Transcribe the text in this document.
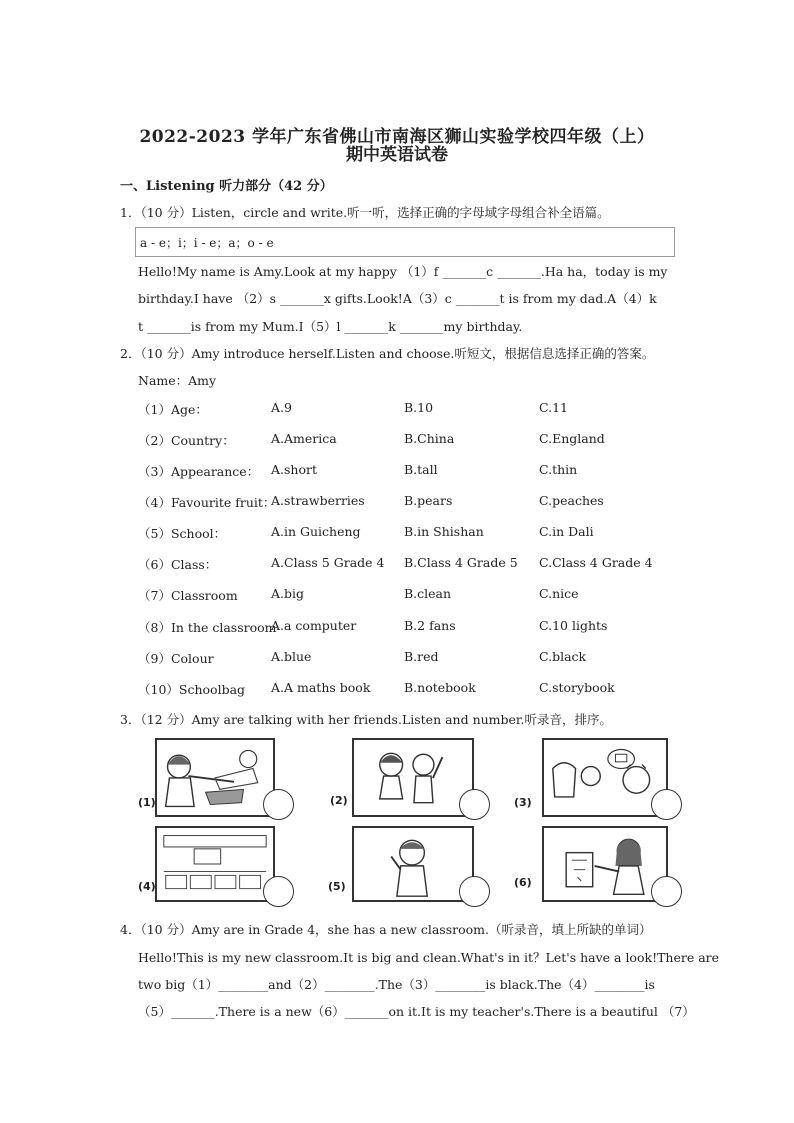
2022-2023 学年广东省佛山市南海区狮山实验学校四年级（上）
期中英语试卷
一、Listening 听力部分（42 分）
1．（10 分）Listen，circle and write.听一听，选择正确的字母域字母组合补全语篇。
a - e；i；i - e；a；o - e
Hello!My name is Amy.Look at my happy （1）f _______c _______.Ha ha，today is my
birthday.I have （2）s _______x gifts.Look!A（3）c _______t is from my dad.A（4）k
t _______is from my Mum.I（5）l _______k _______my birthday.
2．（10 分）Amy introduce herself.Listen and choose.听短文，根据信息选择正确的答案。
Name：Amy
（1）Age：	A.9	B.10	C.11
（2）Country：	A.America	B.China	C.England
（3）Appearance： A.short	B.tall	C.thin
（4）Favourite fruit：
A.strawberries	B.pears	C.peaches
（5）School：	A.in Guicheng	B.in Shishan	C.in Dali
（6）Class：	A.Class 5 Grade 4 B.Class 4 Grade 5 C.Class 4 Grade 4
（7）Classroom	A.big	B.clean	C.nice
（8）In the classroom
A.a computer	B.2 fans	C.10 lights
（9）Colour	A.blue	B.red	C.black
（10）Schoolbag A.A maths book	B.notebook	C.storybook
3．（12 分）Amy are talking with her friends.Listen and number.听录音，排序。
(1)	(2)	(3)
(4)	(5)	(6)
4．（10 分）Amy are in Grade 4，she has a new classroom.（听录音，填上所缺的单词）
Hello!This is my new classroom.It is big and clean.What's in it？Let's have a look!There are
two big（1）________and（2）________.The（3）________is black.The（4）________is
（5）_______.There is a new（6）_______on it.It is my teacher's.There is a beautiful （7）
